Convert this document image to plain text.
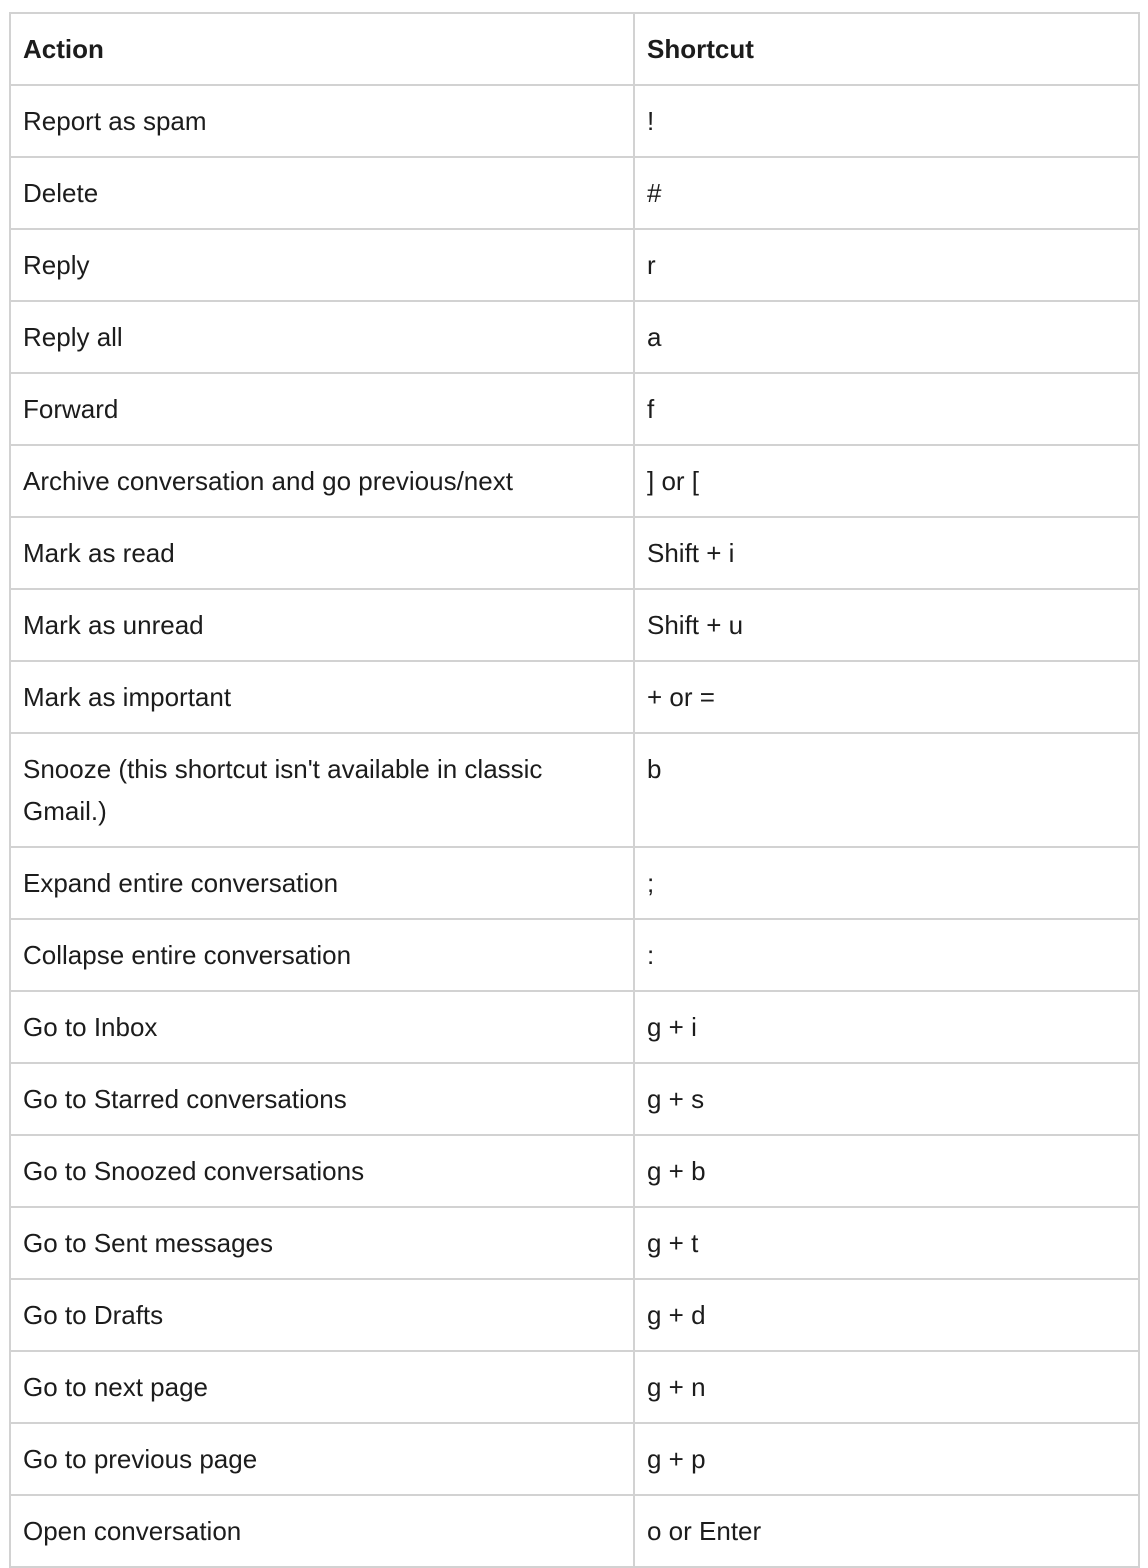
Action	Shortcut
Report as spam	!
Delete	#
Reply	r
Reply all	a
Forward	f
Archive conversation and go previous/next	] or [
Mark as read	Shift + i
Mark as unread	Shift + u
Mark as important	+ or =
Snooze (this shortcut isn't available in classic Gmail.)	b
Expand entire conversation	;
Collapse entire conversation	:
Go to Inbox	g + i
Go to Starred conversations	g + s
Go to Snoozed conversations	g + b
Go to Sent messages	g + t
Go to Drafts	g + d
Go to next page	g + n
Go to previous page	g + p
Open conversation	o or Enter
